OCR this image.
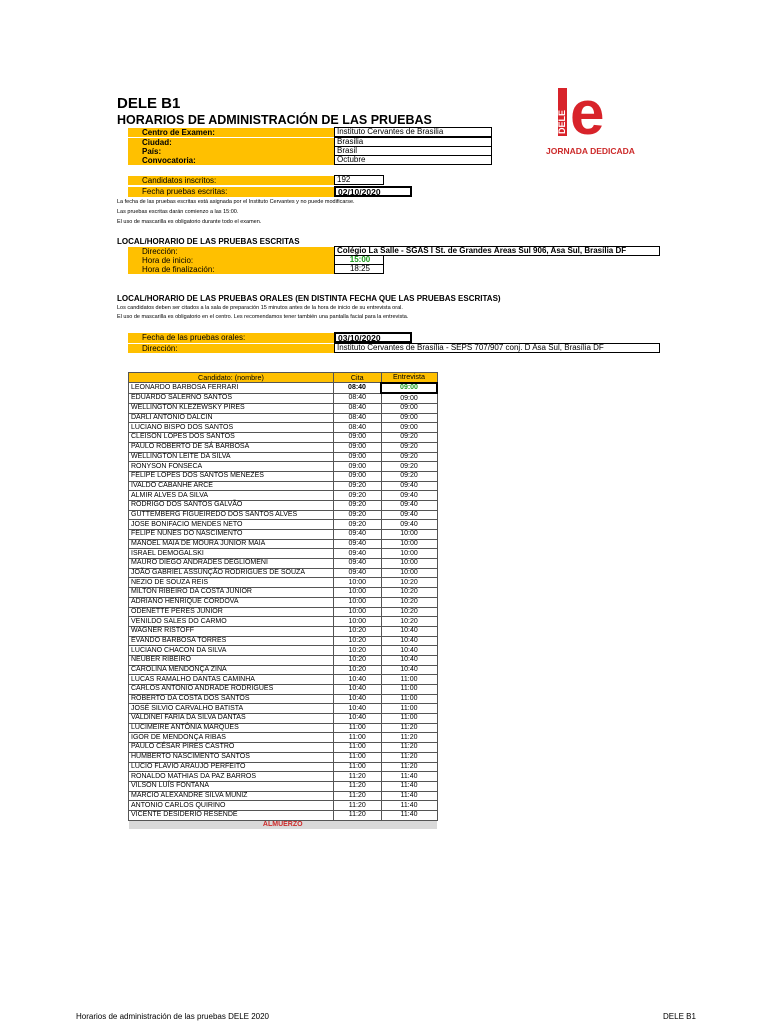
DELE B1
HORARIOS DE ADMINISTRACIÓN DE LAS PRUEBAS	DELE e
JORNADA DEDICADA
Centro de Examen:	Instituto Cervantes de Brasilia
Ciudad:	Brasilia
País:	Brasil
Convocatoria:	Octubre
Candidatos inscritos:	192
Fecha pruebas escritas:	02/10/2020
La fecha de las pruebas escritas está asignada por el Instituto Cervantes y no puede modificarse.
Las pruebas escritas darán comienzo a las 15:00.
El uso de mascarilla es obligatorio durante todo el examen.
LOCAL/HORARIO DE LAS PRUEBAS ESCRITAS
Dirección:	Colégio La Salle - SGAS I St. de Grandes Áreas Sul 906, Asa Sul, Brasília DF
Hora de inicio:	15:00
Hora de finalización:	18:25
LOCAL/HORARIO DE LAS PRUEBAS ORALES (EN DISTINTA FECHA QUE LAS PRUEBAS ESCRITAS)
Los candidatos deben ser citados a la sala de preparación 15 minutos antes de la hora de inicio de su entrevista oral.
El uso de mascarilla es obligatorio en el centro. Les recomendamos tener también una pantalla facial para la entrevista.
Fecha de las pruebas orales:	03/10/2020
Dirección:	Instituto Cervantes de Brasília - SEPS 707/907 conj. D Asa Sul, Brasília DF
Candidato: (nombre)	Cita	Entrevista
LEONARDO BARBOSA FERRARI	08:40	09:00
EDUARDO SALERNO SANTOS	08:40	09:00
WELLINGTON KLEZEWSKY PIRES	08:40	09:00
DARLI ANTONIO DALCIN	08:40	09:00
LUCIANO BISPO DOS SANTOS	08:40	09:00
CLEISON LOPES DOS SANTOS	09:00	09:20
PAULO ROBERTO DE SÁ BARBOSA	09:00	09:20
WELLINGTON LEITE DA SILVA	09:00	09:20
RONYSON FONSECA	09:00	09:20
FELIPE LOPES DOS SANTOS MENEZES	09:00	09:20
IVALDO CABANHE ARCE	09:20	09:40
ALMIR ALVES DA SILVA	09:20	09:40
RODRIGO DOS SANTOS GALVÃO	09:20	09:40
GUTTEMBERG FIGUEIREDO DOS SANTOS ALVES	09:20	09:40
JOSE BONIFACIO MENDES NETO	09:20	09:40
FELIPE NUNES DO NASCIMENTO	09:40	10:00
MANOEL MAIA DE MOURA JUNIOR MAIA	09:40	10:00
ISRAEL DEMOGALSKI	09:40	10:00
MAURO DIEGO ANDRADES DEGLIOMENI	09:40	10:00
JOÃO GABRIEL ASSUNÇÃO RODRIGUES DE SOUZA	09:40	10:00
NEZIO DE SOUZA REIS	10:00	10:20
MILTON RIBEIRO DA COSTA JUNIOR	10:00	10:20
ADRIANO HENRIQUE CORDOVA	10:00	10:20
ODENETTE PERES JUNIOR	10:00	10:20
VENILDO SALES DO CARMO	10:00	10:20
WAGNER RISTOFF	10:20	10:40
EVANDO BARBOSA TORRES	10:20	10:40
LUCIANO CHACON DA SILVA	10:20	10:40
NEUBER RIBEIRO	10:20	10:40
CAROLINA MENDONÇA ZINA	10:20	10:40
LUCAS RAMALHO DANTAS CAMINHA	10:40	11:00
CARLOS ANTONIO ANDRADE RODRIGUES	10:40	11:00
ROBERTO DA COSTA DOS SANTOS	10:40	11:00
JOSÉ SILVIO CARVALHO BATISTA	10:40	11:00
VALDINEI FARIA DA SILVA DANTAS	10:40	11:00
LUCIMEIRE ANTÔNIA MARQUES	11:00	11:20
IGOR DE MENDONÇA RIBAS	11:00	11:20
PAULO CÉSAR PIRES CASTRO	11:00	11:20
HUMBERTO NASCIMENTO SANTOS	11:00	11:20
LUCIO FLAVIO ARAUJO PERFEITO	11:00	11:20
RONALDO MATHIAS DA PAZ BARROS	11:20	11:40
VILSON LUÍS FONTANA	11:20	11:40
MARCIO ALEXANDRE SILVA MUNIZ	11:20	11:40
ANTONIO CARLOS QUIRINO	11:20	11:40
VICENTE DESIDERIO RESENDE	11:20	11:40
ALMUERZO		
Horarios de administración de las pruebas DELE 2020	DELE B1
